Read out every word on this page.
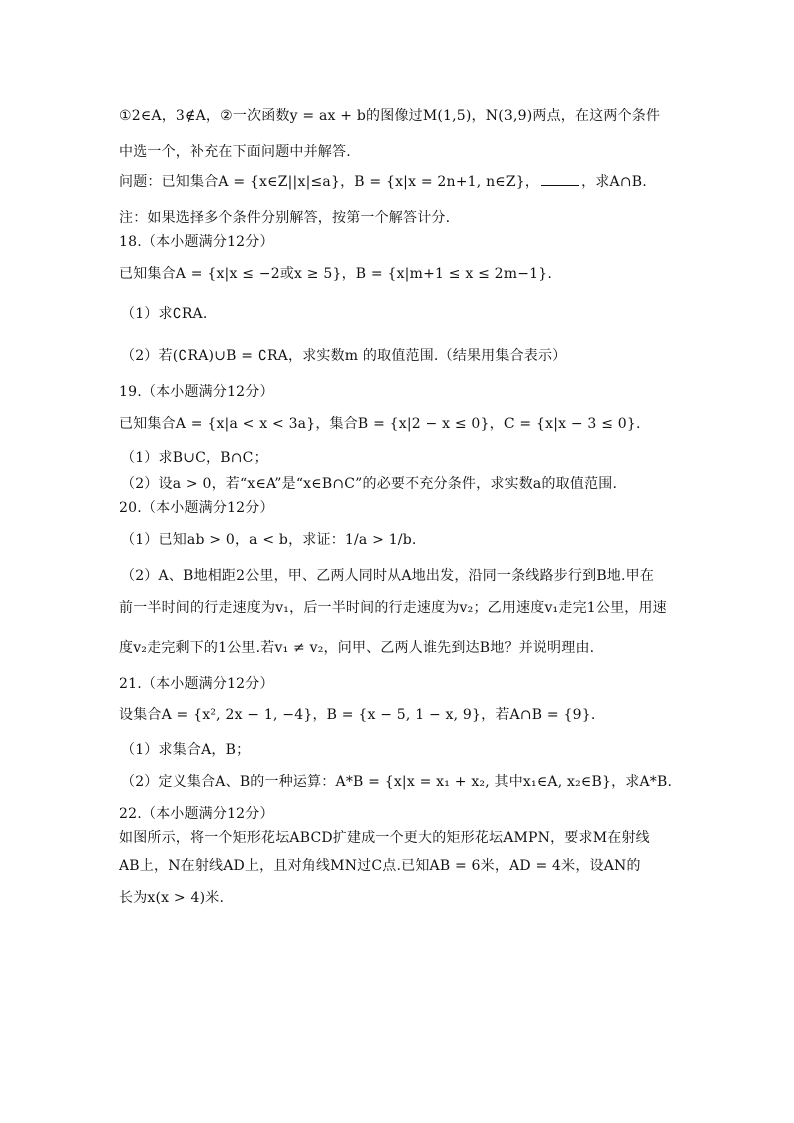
①2∈A，3∉A，②一次函数y = ax + b的图像过M(1,5)，N(3,9)两点，在这两个条件
中选一个，补充在下面问题中并解答.
问题：已知集合A = {x∈Z||x|≤a}，B = {x|x = 2n+1, n∈Z}，	，求A∩B.
注：如果选择多个条件分别解答，按第一个解答计分.
18.（本小题满分12分）
已知集合A = {x|x ≤ −2或x ≥ 5}，B = {x|m+1 ≤ x ≤ 2m−1}.
（1）求∁RA.
（2）若(∁RA)∪B = ∁RA，求实数m 的取值范围.（结果用集合表示）
19.（本小题满分12分）
已知集合A = {x|a < x < 3a}，集合B = {x|2 − x ≤ 0}，C = {x|x − 3 ≤ 0}.
（1）求B∪C，B∩C；
（2）设a > 0，若“x∈A”是“x∈B∩C”的必要不充分条件，求实数a的取值范围.
20.（本小题满分12分）
（1）已知ab > 0，a < b，求证：1/a > 1/b.
（2）A、B地相距2公里，甲、乙两人同时从A地出发，沿同一条线路步行到B地.甲在
前一半时间的行走速度为v₁，后一半时间的行走速度为v₂；乙用速度v₁走完1公里，用速
度v₂走完剩下的1公里.若v₁ ≠ v₂，问甲、乙两人谁先到达B地？并说明理由.
21.（本小题满分12分）
设集合A = {x², 2x − 1, −4}，B = {x − 5, 1 − x, 9}，若A∩B = {9}.
（1）求集合A，B；
（2）定义集合A、B的一种运算：A*B = {x|x = x₁ + x₂, 其中x₁∈A, x₂∈B}，求A*B.
22.（本小题满分12分）
如图所示，将一个矩形花坛ABCD扩建成一个更大的矩形花坛AMPN，要求M在射线
AB上，N在射线AD上，且对角线MN过C点.已知AB = 6米，AD = 4米，设AN的
长为x(x > 4)米.
